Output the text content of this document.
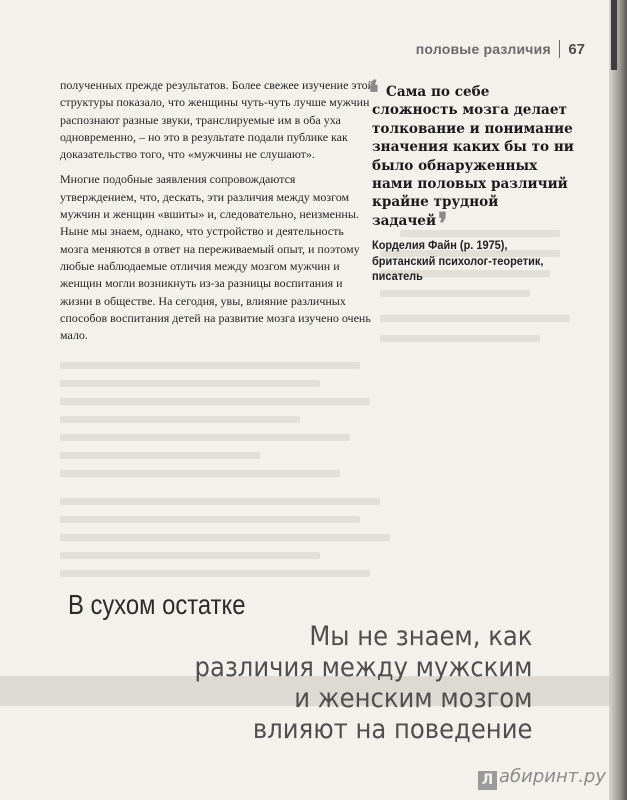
половые различия 67

полученных прежде результатов. Более свежее изучение этой структуры показало, что женщины чуть-чуть лучше мужчин распознают разные звуки, транслируемые им в оба уха одновременно, – но это в результате подали публике как доказательство того, что «мужчины не слушают».

Многие подобные заявления сопровождаются утверждением, что, дескать, эти различия между мозгом мужчин и женщин «вшиты» и, следовательно, неизменны. Ныне мы знаем, однако, что устройство и деятельность мозга меняются в ответ на переживаемый опыт, и поэтому любые наблюдаемые отличия между мозгом мужчин и женщин могли возникнуть из-за разницы воспитания и жизни в обществе. На сегодня, увы, влияние различных способов воспитания детей на развитие мозга изучено очень мало.

❛ Сама по себе сложность мозга делает толкование и понимание значения каких бы то ни было обнаруженных нами половых различий крайне трудной задачей❜
Корделия Файн (р. 1975),
британский психолог-теоретик,
писатель
В сухом остатке
Мы не знаем, как
различия между мужским
и женским мозгом
влияют на поведение
Л абиринт.ру
